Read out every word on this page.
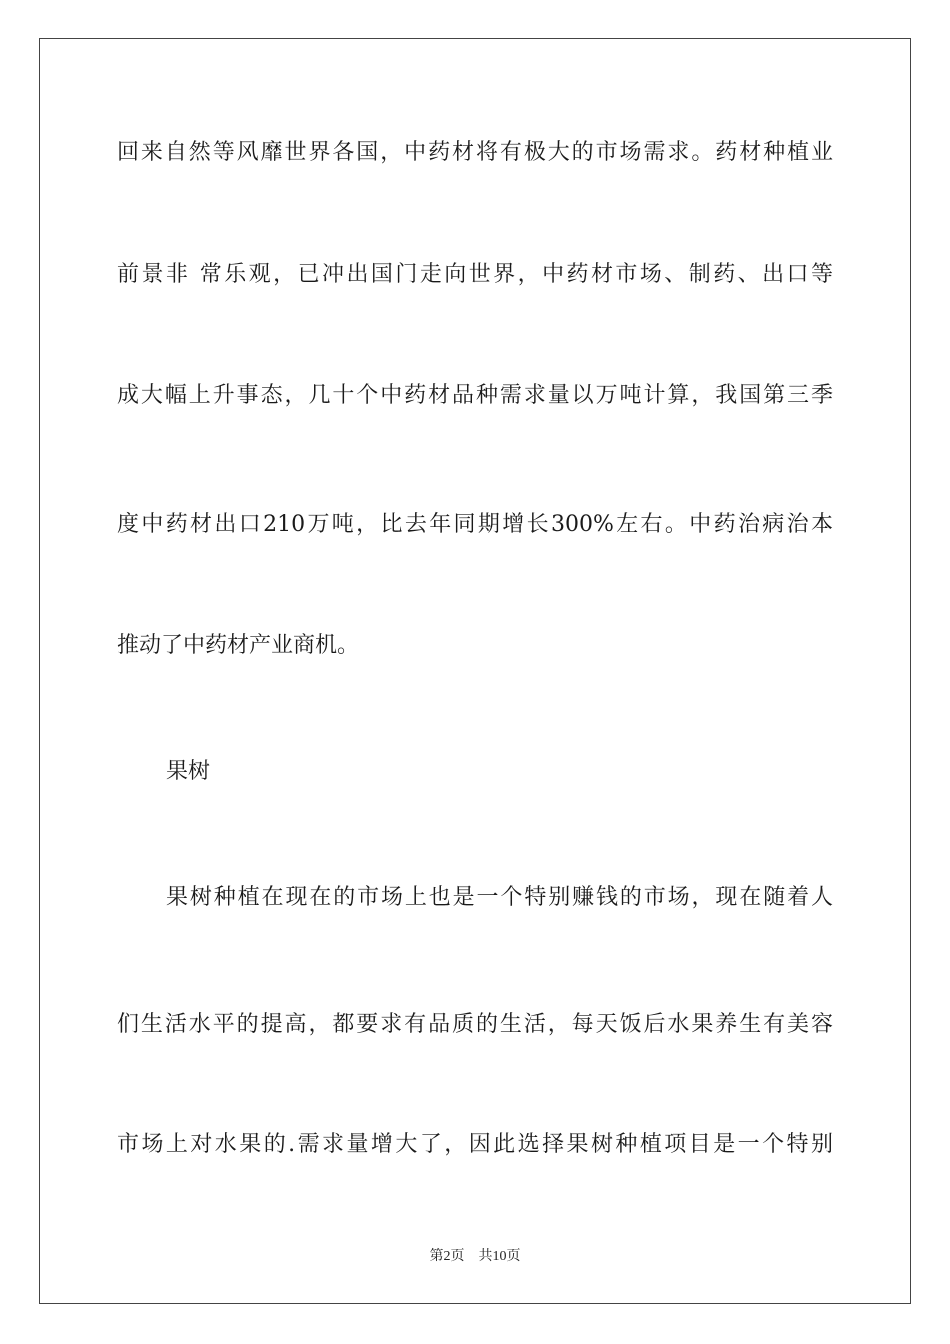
回来自然等风靡世界各国，中药材将有极大的市场需求。药材种植业
前景非 常乐观，已冲出国门走向世界，中药材市场、制药、出口等
成大幅上升事态，几十个中药材品种需求量以万吨计算，我国第三季
度中药材出口210万吨，比去年同期增长300%左右。中药治病治本
推动了中药材产业商机。
果树
果树种植在现在的市场上也是一个特别赚钱的市场，现在随着人
们生活水平的提高，都要求有品质的生活，每天饭后水果养生有美容
市场上对水果的.需求量增大了，因此选择果树种植项目是一个特别
第2页 共10页
